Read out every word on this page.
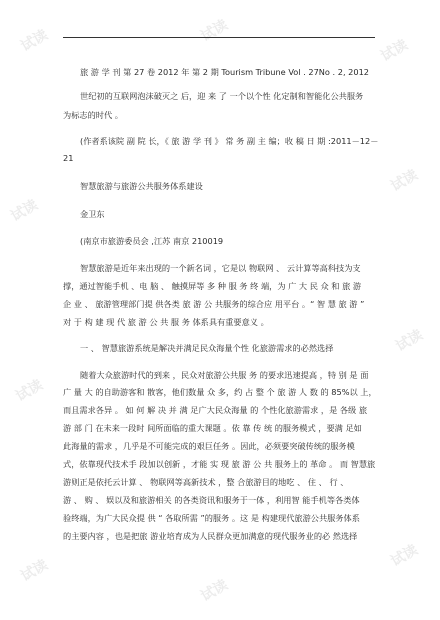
试读	试读
试读
试读
试读
试读
试读
试读
试读
试读
旅 游 学 刊 第 27 卷 2012 年 第 2 期 Tourism Tribune Vol . 27No . 2, 2012
世纪初的互联网泡沫破灭之 后，迎 来 了 一个以个性 化定制和智能化公共服务
为标志的时代 。
(作者系该院 副 院 长，《 旅 游 学 刊 》 常 务 副 主 编；收 稿 日 期 :2011－12－
21
智慧旅游与旅游公共服务体系建设
金卫东
(南京市旅游委员会 ,江苏 南京 210019
智慧旅游是近年来出现的一个新名词 ，它是以 物联网 、 云计算等高科技为支
撑，通过智能手机 、电 脑 、 触摸屏等 多 种 服 务 终 端，为 广 大 民 众 和 旅 游
企 业 、 旅游管理部门提 供各类 旅 游 公 共服务的综合应 用平台 。“ 智 慧 旅 游 ”
对 于 构 建 现 代 旅 游 公 共 服 务 体系具有重要意义 。
一 、 智慧旅游系统是解决并满足民众海量个性 化旅游需求的必然选择
随着大众旅游时代的到来 ，民众对旅游公共服 务 的要求迅速提高 ，特 别 是 面
广 量 大 的自助游客和 散客，他们数量 众 多，约 占 整 个 旅 游 人 数 的 85%以 上，
而且需求各异 。 如 何 解 决 并 满 足广大民众海量 的 个性化旅游需求 ，是 各级 旅
游 部 门 在未来一段时 间所面临的重大课题 。依 靠 传 统 的服务模式 ，要满 足如
此海量的需求 ，几乎是不可能完成的艰巨任务 。因此，必须要突破传统的服务模
式，依靠现代技术手 段加以创新 ，才能 实 现 旅 游 公 共 服务上的 革命 。 而 智慧旅
游则正是依托云计算 、 物联网等高新技术 ，整 合旅游目的地吃 、 住 、 行 、
游 、 购 、 娱以及和旅游相关 的各类资讯和服务于一体 ，利用智 能手机等各类体
验终端，为广大民众提 供 “ 各取所需 ”的服务 。这 是 构建现代旅游公共服务体系
的主要内容 ，也是把旅 游业培育成为人民群众更加满意的现代服务业的必 然选择
